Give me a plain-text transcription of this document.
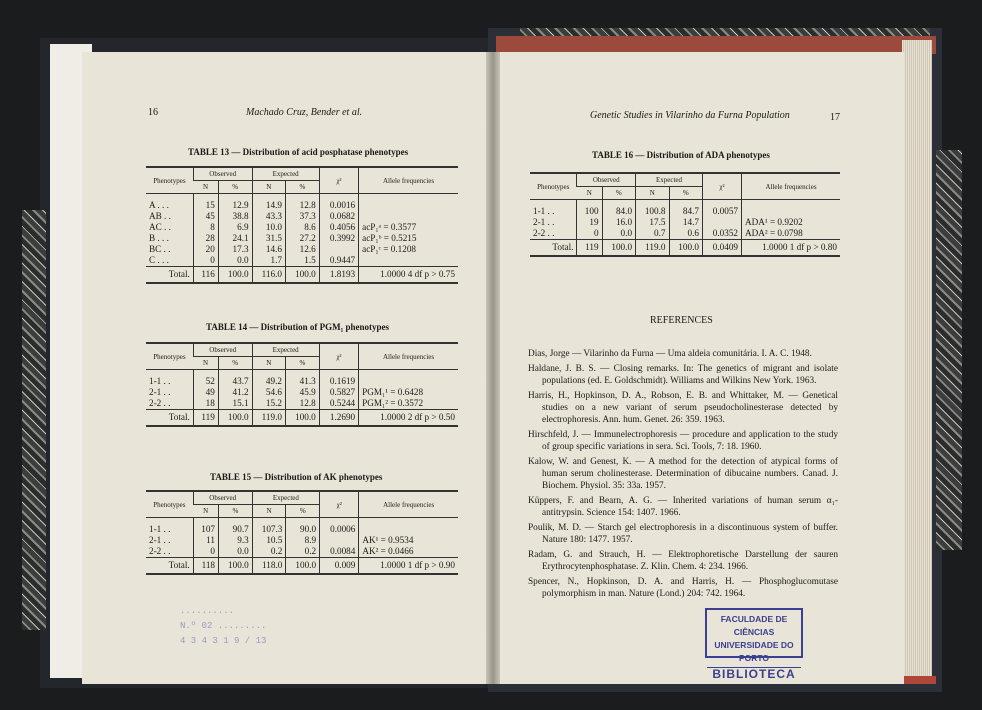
16	Machado Cruz, Bender et al.
TABLE 13 — Distribution of acid posphatase phenotypes
Phenotypes	Observed		Expected		χ²	Allele frequencies
	N	%	N	%		
A . . .	15	12.9	14.9	12.8	0.0016	
AB . .	45	38.8	43.3	37.3	0.0682	
AC . .	8	6.9	10.0	8.6	0.4056	acP₁ᵃ = 0.3577
B . . .	28	24.1	31.5	27.2	0.3992	acP₁ᵇ = 0.5215
BC . .	20	17.3	14.6	12.6		acP₁ᶜ = 0.1208
C . . .	0	0.0	1.7	1.5	0.9447	
Total.	116	100.0	116.0	100.0	1.8193	1.0000 4 df p > 0.75
TABLE 14 — Distribution of PGM₁ phenotypes
Phenotypes	Observed		Expected		χ²	Allele frequencies
	N	%	N	%		
1-1 . .	52	43.7	49.2	41.3	0.1619	
2-1 . .	49	41.2	54.6	45.9	0.5827	PGM₁¹ = 0.6428
2-2 . .	18	15.1	15.2	12.8	0.5244	PGM₁² = 0.3572
Total.	119	100.0	119.0	100.0	1.2690	1.0000 2 df p > 0.50
TABLE 15 — Distribution of AK phenotypes
Phenotypes	Observed		Expected		χ²	Allele frequencies
	N	%	N	%		
1-1 . .	107	90.7	107.3	90.0	0.0006	
2-1 . .	11	9.3	10.5	8.9		AK¹ = 0.9534
2-2 . .	0	0.0	0.2	0.2	0.0084	AK² = 0.0466
Total.	118	100.0	118.0	100.0	0.009	1.0000 1 df p > 0.90
..........
N.º 02 .........
4 3 4 3 1 9 / 13
Genetic Studies in Vilarinho da Furna Population	17
TABLE 16 — Distribution of ADA phenotypes
Phenotypes	Observed		Expected		χ²	Allele frequencies
	N	%	N	%		
1-1 . .	100	84.0	100.8	84.7	0.0057	
2-1 . .	19	16.0	17.5	14.7		ADA¹ = 0.9202
2-2 . .	0	0.0	0.7	0.6	0.0352	ADA² = 0.0798
Total.	119	100.0	119.0	100.0	0.0409	1.0000 1 df p > 0.80
REFERENCES
Dias, Jorge — Vilarinho da Furna — Uma aldeia comunitária. I. A. C. 1948.
Haldane, J. B. S. — Closing remarks. In: The genetics of migrant and isolate populations (ed. E. Goldschmidt). Williams and Wilkins New York. 1963.
Harris, H., Hopkinson, D. A., Robson, E. B. and Whittaker, M. — Genetical studies on a new variant of serum pseudocholinesterase detected by electrophoresis. Ann. hum. Genet. 26: 359. 1963.
Hirschfeld, J. — Immunelectrophoresis — procedure and application to the study of group specific variations in sera. Sci. Tools, 7: 18. 1960.
Kalow, W. and Genest, K. — A method for the detection of atypical forms of human serum cholinesterase. Determination of dibucaine numbers. Canad. J. Biochem. Physiol. 35: 33a. 1957.
Küppers, F. and Bearn, A. G. — Inherited variations of human serum α₁-antitrypsin. Science 154: 1407. 1966.
Poulik, M. D. — Starch gel electrophoresis in a discontinuous system of buffer. Nature 180: 1477. 1957.
Radam, G. and Strauch, H. — Elektrophoretische Darstellung der sauren Erythrocytenphosphatase. Z. Klin. Chem. 4: 234. 1966.
Spencer, N., Hopkinson, D. A. and Harris, H. — Phosphoglucomutase polymorphism in man. Nature (Lond.) 204: 742. 1964.
FACULDADE DE CIÊNCIAS
UNIVERSIDADE DO PORTO
BIBLIOTECA
